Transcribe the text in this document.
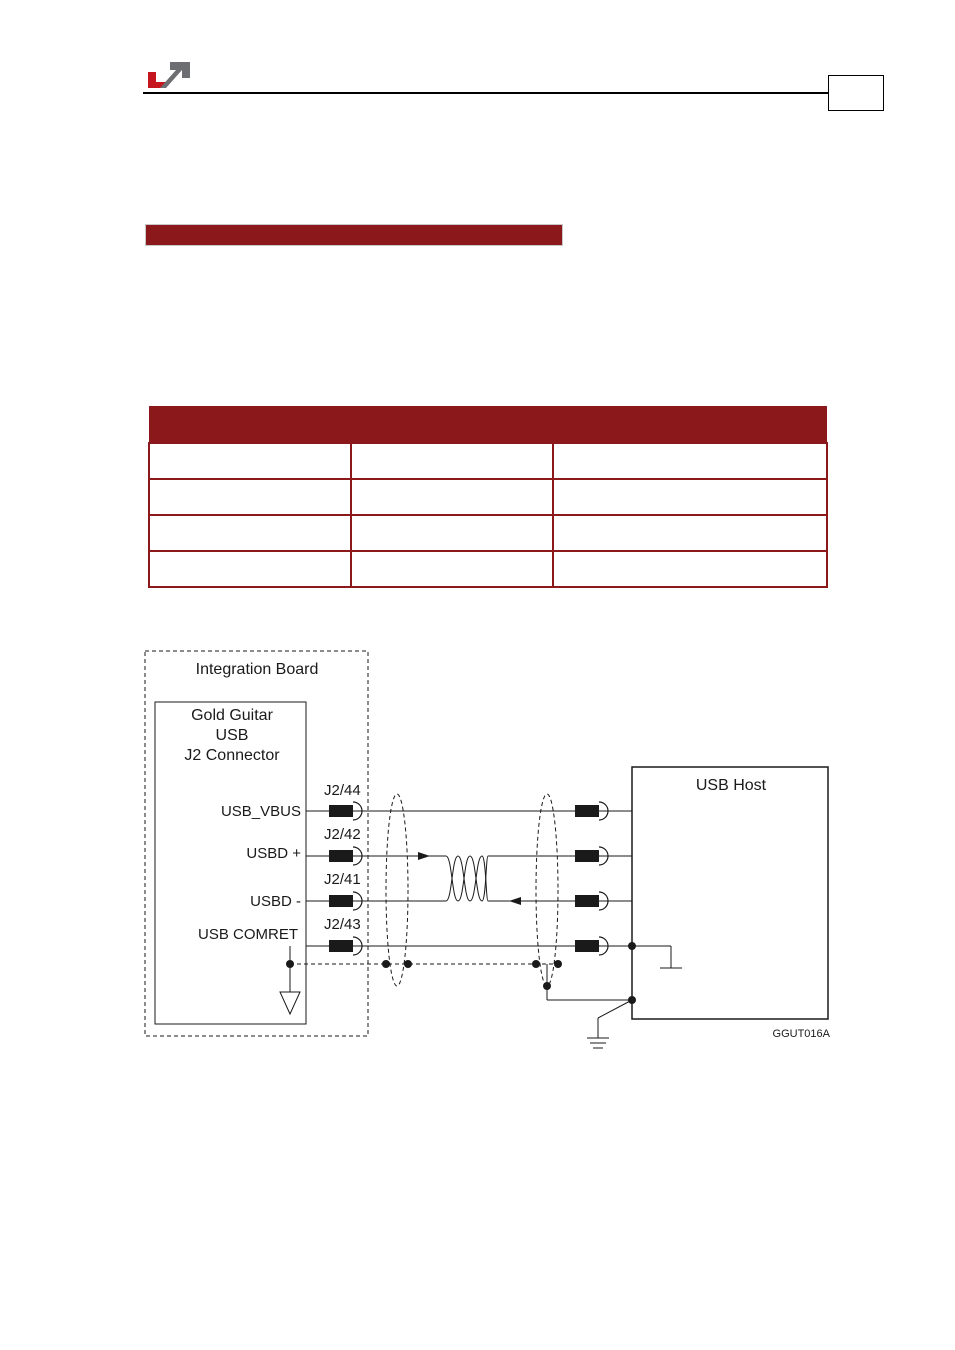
Integration Board
Gold Guitar
USB
J2 Connector
USB_VBUS
USBD +
USBD -
USB COMRET
J2/44
J2/42
J2/41
J2/43
USB Host
GGUT016A
